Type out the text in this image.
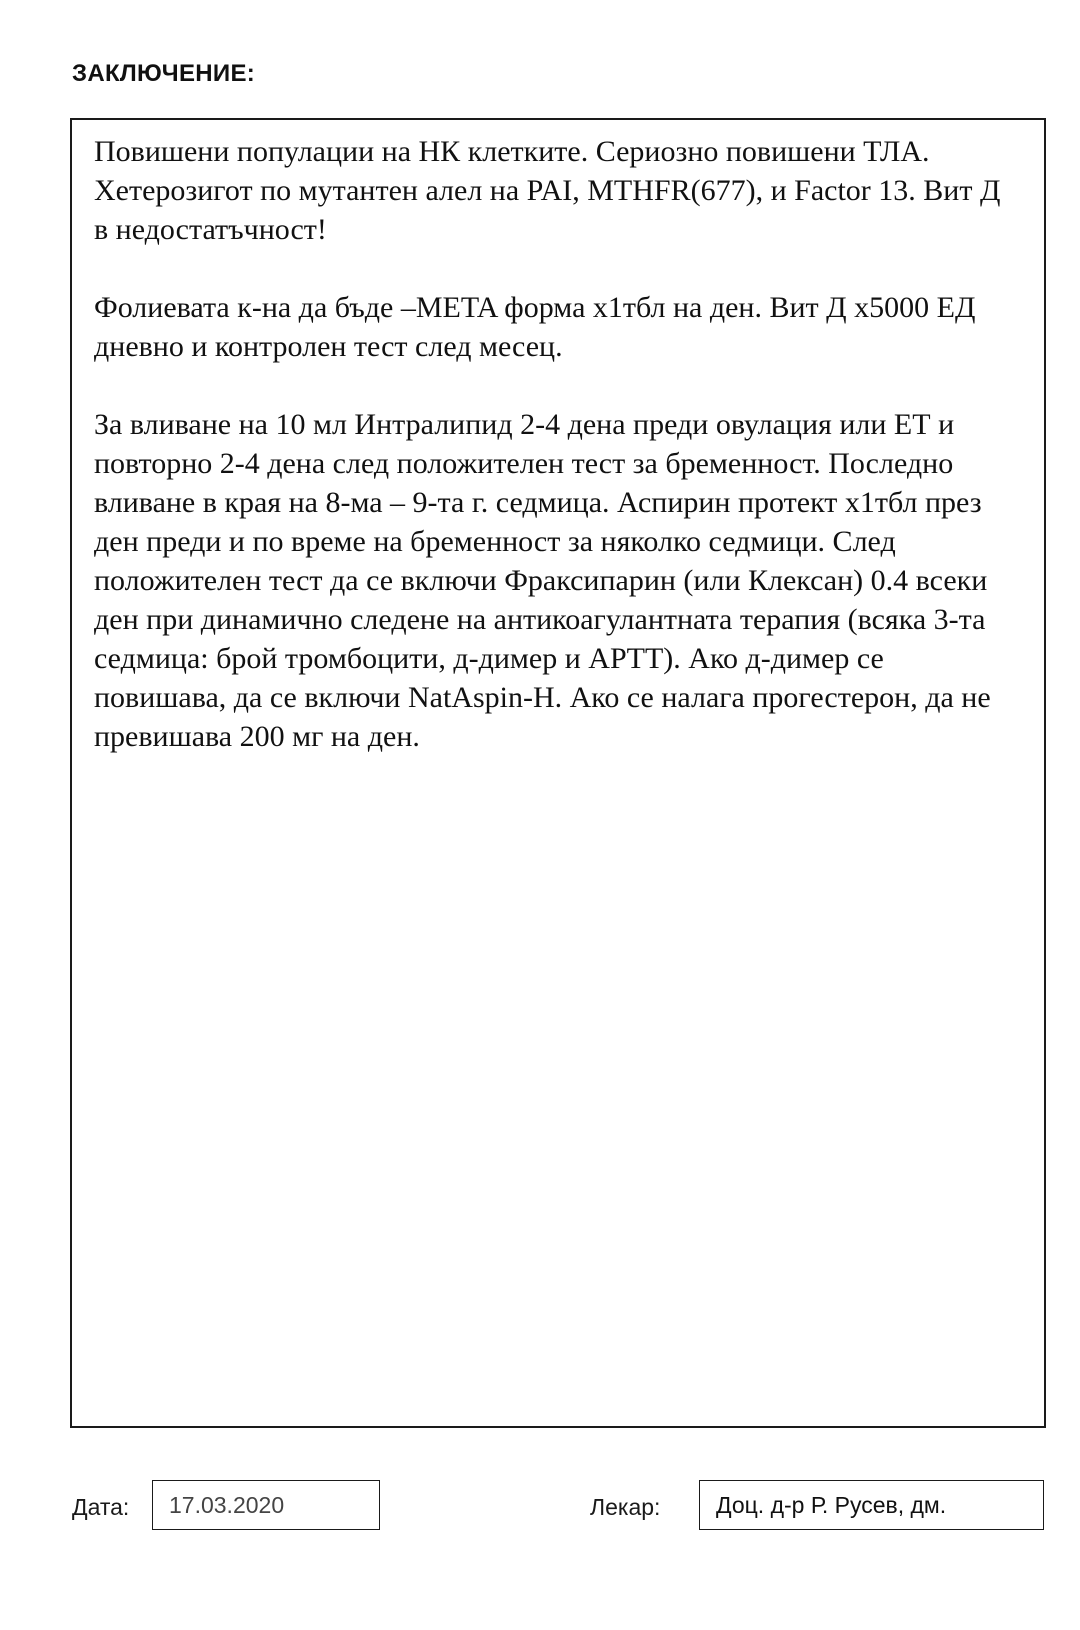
ЗАКЛЮЧЕНИЕ:

Повишени популации на НК клетките. Сериозно повишени ТЛА. Хетерозигот по мутантен алел на PAI, MTHFR(677), и Factor 13. Вит Д в недостатъчност!

Фолиевата к-на да бъде –META форма х1тбл на ден. Вит Д х5000 ЕД дневно и контролен тест след месец.

За вливане на 10 мл Интралипид 2-4 дена преди овулация или ЕТ и повторно 2-4 дена след положителен тест за бременност. Последно вливане в края на 8-ма – 9-та г. седмица. Аспирин протект х1тбл през ден преди и по време на бременност за няколко седмици. След положителен тест да се включи Фраксипарин (или Клексан) 0.4 всеки ден при динамично следене на антикоагулантната терапия (всяка 3-та седмица: брой тромбоцити, д-димер и APTT). Ако д-димер се повишава, да се включи NatAspin-H. Ако се налага прогестерон, да не превишава 200 мг на ден.

Дата:	17.03.2020	Лекар:	Доц. д-р Р. Русев, дм.
